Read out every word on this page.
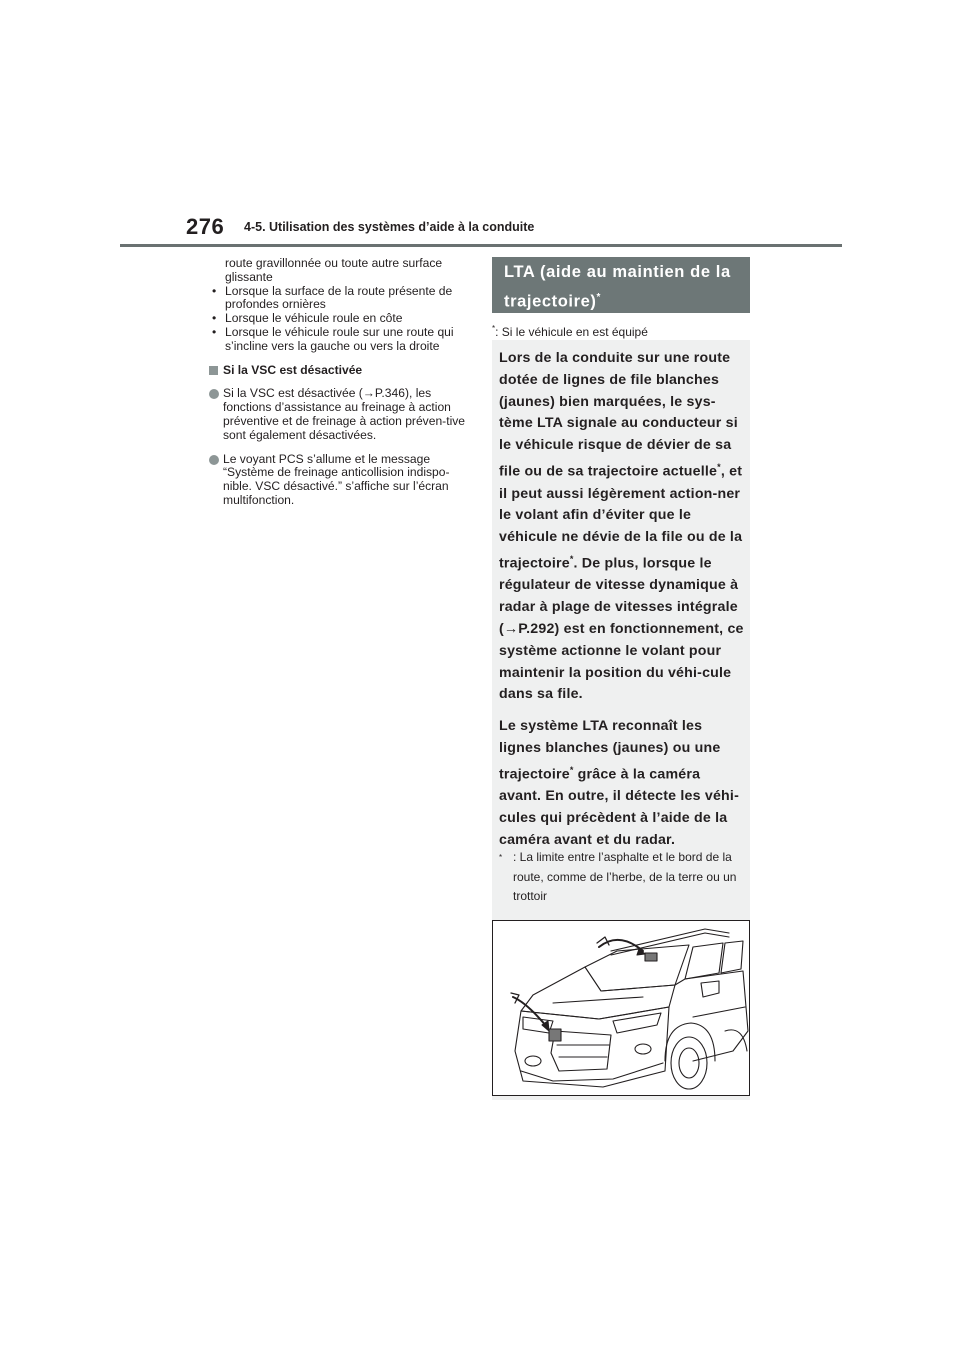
276 4-5. Utilisation des systèmes d’aide à la conduite
route gravillonnée ou toute autre surface glissante
• Lorsque la surface de la route présente de profondes ornières
• Lorsque le véhicule roule en côte
• Lorsque le véhicule roule sur une route qui s’incline vers la gauche ou vers la droite
Si la VSC est désactivée
Si la VSC est désactivée (→P.346), les fonctions d’assistance au freinage à action préventive et de freinage à action préven-tive sont également désactivées.
Le voyant PCS s’allume et le message “Système de freinage anticollision indispo-nible. VSC désactivé.” s’affiche sur l’écran multifonction.
LTA (aide au maintien de la
trajectoire)*
*: Si le véhicule en est équipé

Lors de la conduite sur une route dotée de lignes de file blanches (jaunes) bien marquées, le sys-tème LTA signale au conducteur si le véhicule risque de dévier de sa file ou de sa trajectoire actuelle*, et il peut aussi légèrement action-ner le volant afin d’éviter que le véhicule ne dévie de la file ou de la trajectoire*. De plus, lorsque le régulateur de vitesse dynamique à radar à plage de vitesses intégrale (→P.292) est en fonctionnement, ce système actionne le volant pour maintenir la position du véhi-cule dans sa file.

Le système LTA reconnaît les lignes blanches (jaunes) ou une trajectoire* grâce à la caméra avant. En outre, il détecte les véhi-cules qui précèdent à l’aide de la caméra avant et du radar.

* : La limite entre l’asphalte et le bord de la route, comme de l’herbe, de la terre ou un trottoir
